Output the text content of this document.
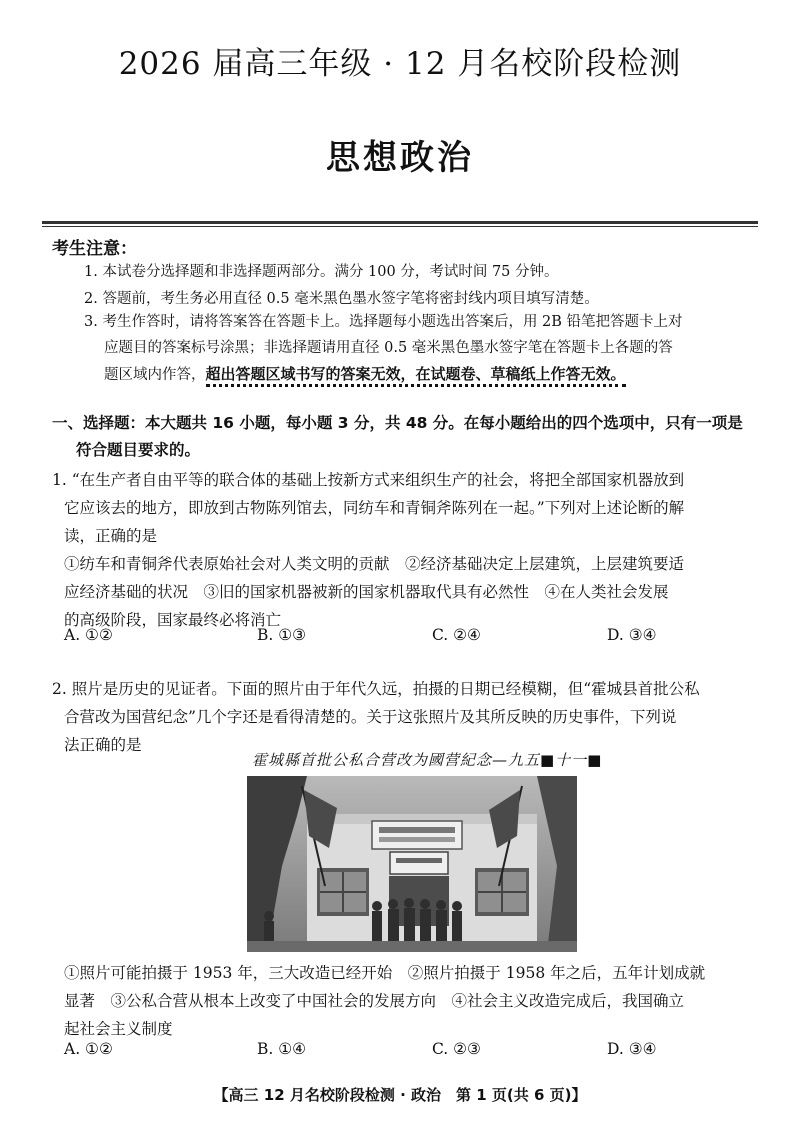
2026 届高三年级 · 12 月名校阶段检测
思想政治
考生注意：
1. 本试卷分选择题和非选择题两部分。满分 100 分，考试时间 75 分钟。
2. 答题前，考生务必用直径 0.5 毫米黑色墨水签字笔将密封线内项目填写清楚。
3. 考生作答时，请将答案答在答题卡上。选择题每小题选出答案后，用 2B 铅笔把答题卡上对
应题目的答案标号涂黑；非选择题请用直径 0.5 毫米黑色墨水签字笔在答题卡上各题的答
题区域内作答，超出答题区域书写的答案无效，在试题卷、草稿纸上作答无效。
一、选择题：本大题共 16 小题，每小题 3 分，共 48 分。在每小题给出的四个选项中，只有一项是
符合题目要求的。
1. “在生产者自由平等的联合体的基础上按新方式来组织生产的社会，将把全部国家机器放到
它应该去的地方，即放到古物陈列馆去，同纺车和青铜斧陈列在一起。”下列对上述论断的解
读，正确的是
①纺车和青铜斧代表原始社会对人类文明的贡献　②经济基础决定上层建筑，上层建筑要适
应经济基础的状况　③旧的国家机器被新的国家机器取代具有必然性　④在人类社会发展
的高级阶段，国家最终必将消亡
A. ①②	B. ①③	C. ②④	D. ③④
2. 照片是历史的见证者。下面的照片由于年代久远，拍摄的日期已经模糊，但“霍城县首批公私
合营改为国营纪念”几个字还是看得清楚的。关于这张照片及其所反映的历史事件，下列说
法正确的是
霍城縣首批公私合营改为國营紀念—九五■十一■
①照片可能拍摄于 1953 年，三大改造已经开始　②照片拍摄于 1958 年之后，五年计划成就
显著　③公私合营从根本上改变了中国社会的发展方向　④社会主义改造完成后，我国确立
起社会主义制度
A. ①②	B. ①④	C. ②③	D. ③④
【高三 12 月名校阶段检测 · 政治　第 1 页(共 6 页)】
